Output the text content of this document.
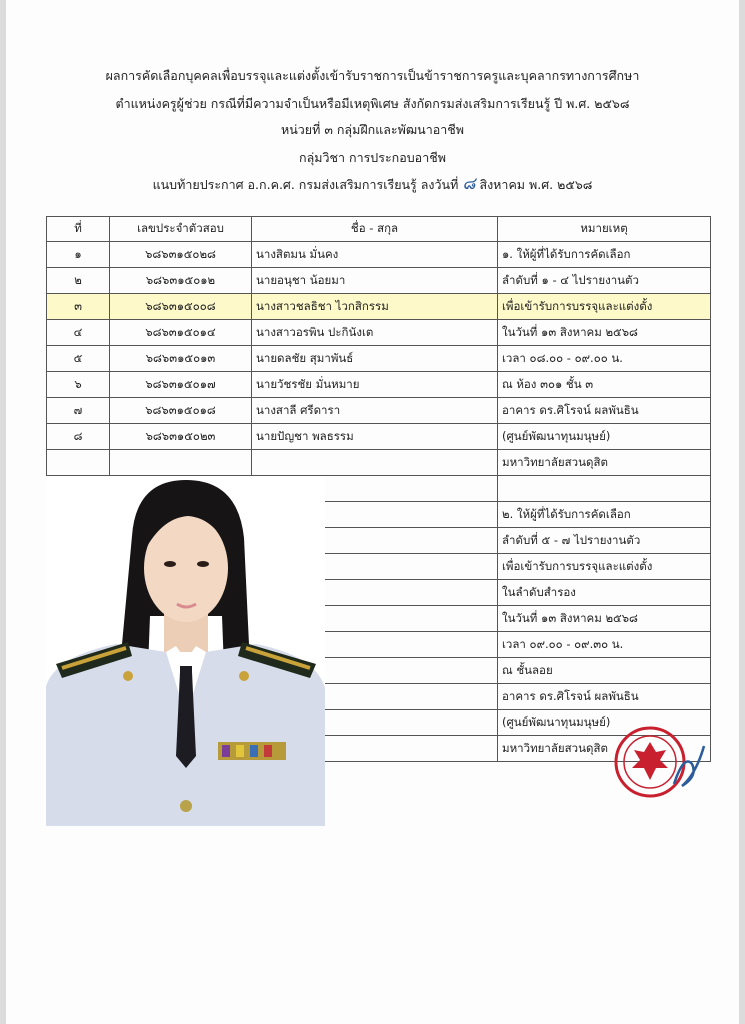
ผลการคัดเลือกบุคคลเพื่อบรรจุและแต่งตั้งเข้ารับราชการเป็นข้าราชการครูและบุคลากรทางการศึกษา
ตำแหน่งครูผู้ช่วย กรณีที่มีความจำเป็นหรือมีเหตุพิเศษ สังกัดกรมส่งเสริมการเรียนรู้ ปี พ.ศ. ๒๕๖๘
หน่วยที่ ๓ กลุ่มฝึกและพัฒนาอาชีพ
กลุ่มวิชา การประกอบอาชีพ
แนบท้ายประกาศ อ.ก.ค.ศ. กรมส่งเสริมการเรียนรู้ ลงวันที่ ๘ สิงหาคม พ.ศ. ๒๕๖๘
ที่	เลขประจำตัวสอบ	ชื่อ - สกุล	หมายเหตุ
๑	๖๘๖๓๑๕๐๒๘	นางสิตมน มั่นคง	๑. ให้ผู้ที่ได้รับการคัดเลือก
๒	๖๘๖๓๑๕๐๑๒	นายอนุชา น้อยมา	ลำดับที่ ๑ - ๔ ไปรายงานตัว
๓	๖๘๖๓๑๕๐๐๘	นางสาวชลธิชา ไวกสิกรรม	เพื่อเข้ารับการบรรจุและแต่งตั้ง
๔	๖๘๖๓๑๕๐๑๔	นางสาวอรพิน ปะกินังเต	ในวันที่ ๑๓ สิงหาคม ๒๕๖๘
๕	๖๘๖๓๑๕๐๑๓	นายดลชัย สุมาพันธ์	เวลา ๐๘.๐๐ - ๐๙.๐๐ น.
๖	๖๘๖๓๑๕๐๑๗	นายวัชรชัย มั่นหมาย	ณ ห้อง ๓๐๑ ชั้น ๓
๗	๖๘๖๓๑๕๐๑๘	นางสาลี ศรีดารา	อาคาร ดร.ศิโรจน์ ผลพันธิน
๘	๖๘๖๓๑๕๐๒๓	นายปัญชา พลธรรม	(ศูนย์พัฒนาทุนมนุษย์)
			มหาวิทยาลัยสวนดุสิต

			๒. ให้ผู้ที่ได้รับการคัดเลือก
			ลำดับที่ ๕ - ๗ ไปรายงานตัว
			เพื่อเข้ารับการบรรจุและแต่งตั้ง
			ในลำดับสำรอง
			ในวันที่ ๑๓ สิงหาคม ๒๕๖๘
			เวลา ๐๙.๐๐ - ๐๙.๓๐ น.
			ณ ชั้นลอย
			อาคาร ดร.ศิโรจน์ ผลพันธิน
			(ศูนย์พัฒนาทุนมนุษย์)
			มหาวิทยาลัยสวนดุสิต
